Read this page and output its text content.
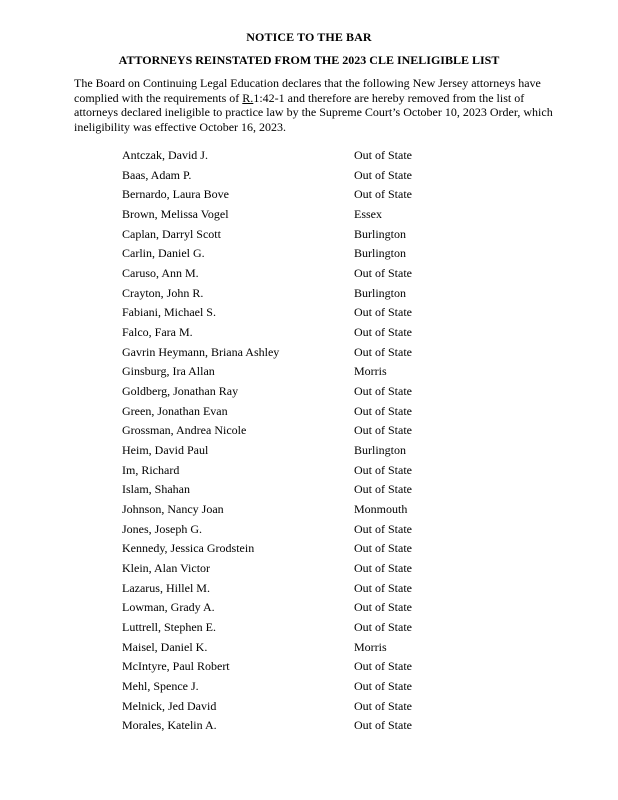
NOTICE TO THE BAR
ATTORNEYS REINSTATED FROM THE 2023 CLE INELIGIBLE LIST
The Board on Continuing Legal Education declares that the following New Jersey attorneys have complied with the requirements of R.1:42-1 and therefore are hereby removed from the list of attorneys declared ineligible to practice law by the Supreme Court’s October 10, 2023 Order, which ineligibility was effective October 16, 2023.
Antczak, David J.	Out of State
Baas, Adam P.	Out of State
Bernardo, Laura Bove	Out of State
Brown, Melissa Vogel	Essex
Caplan, Darryl Scott	Burlington
Carlin, Daniel G.	Burlington
Caruso, Ann M.	Out of State
Crayton, John R.	Burlington
Fabiani, Michael S.	Out of State
Falco, Fara M.	Out of State
Gavrin Heymann, Briana Ashley	Out of State
Ginsburg, Ira Allan	Morris
Goldberg, Jonathan Ray	Out of State
Green, Jonathan Evan	Out of State
Grossman, Andrea Nicole	Out of State
Heim, David Paul	Burlington
Im, Richard	Out of State
Islam, Shahan	Out of State
Johnson, Nancy Joan	Monmouth
Jones, Joseph G.	Out of State
Kennedy, Jessica Grodstein	Out of State
Klein, Alan Victor	Out of State
Lazarus, Hillel M.	Out of State
Lowman, Grady A.	Out of State
Luttrell, Stephen E.	Out of State
Maisel, Daniel K.	Morris
McIntyre, Paul Robert	Out of State
Mehl, Spence J.	Out of State
Melnick, Jed David	Out of State
Morales, Katelin A.	Out of State
